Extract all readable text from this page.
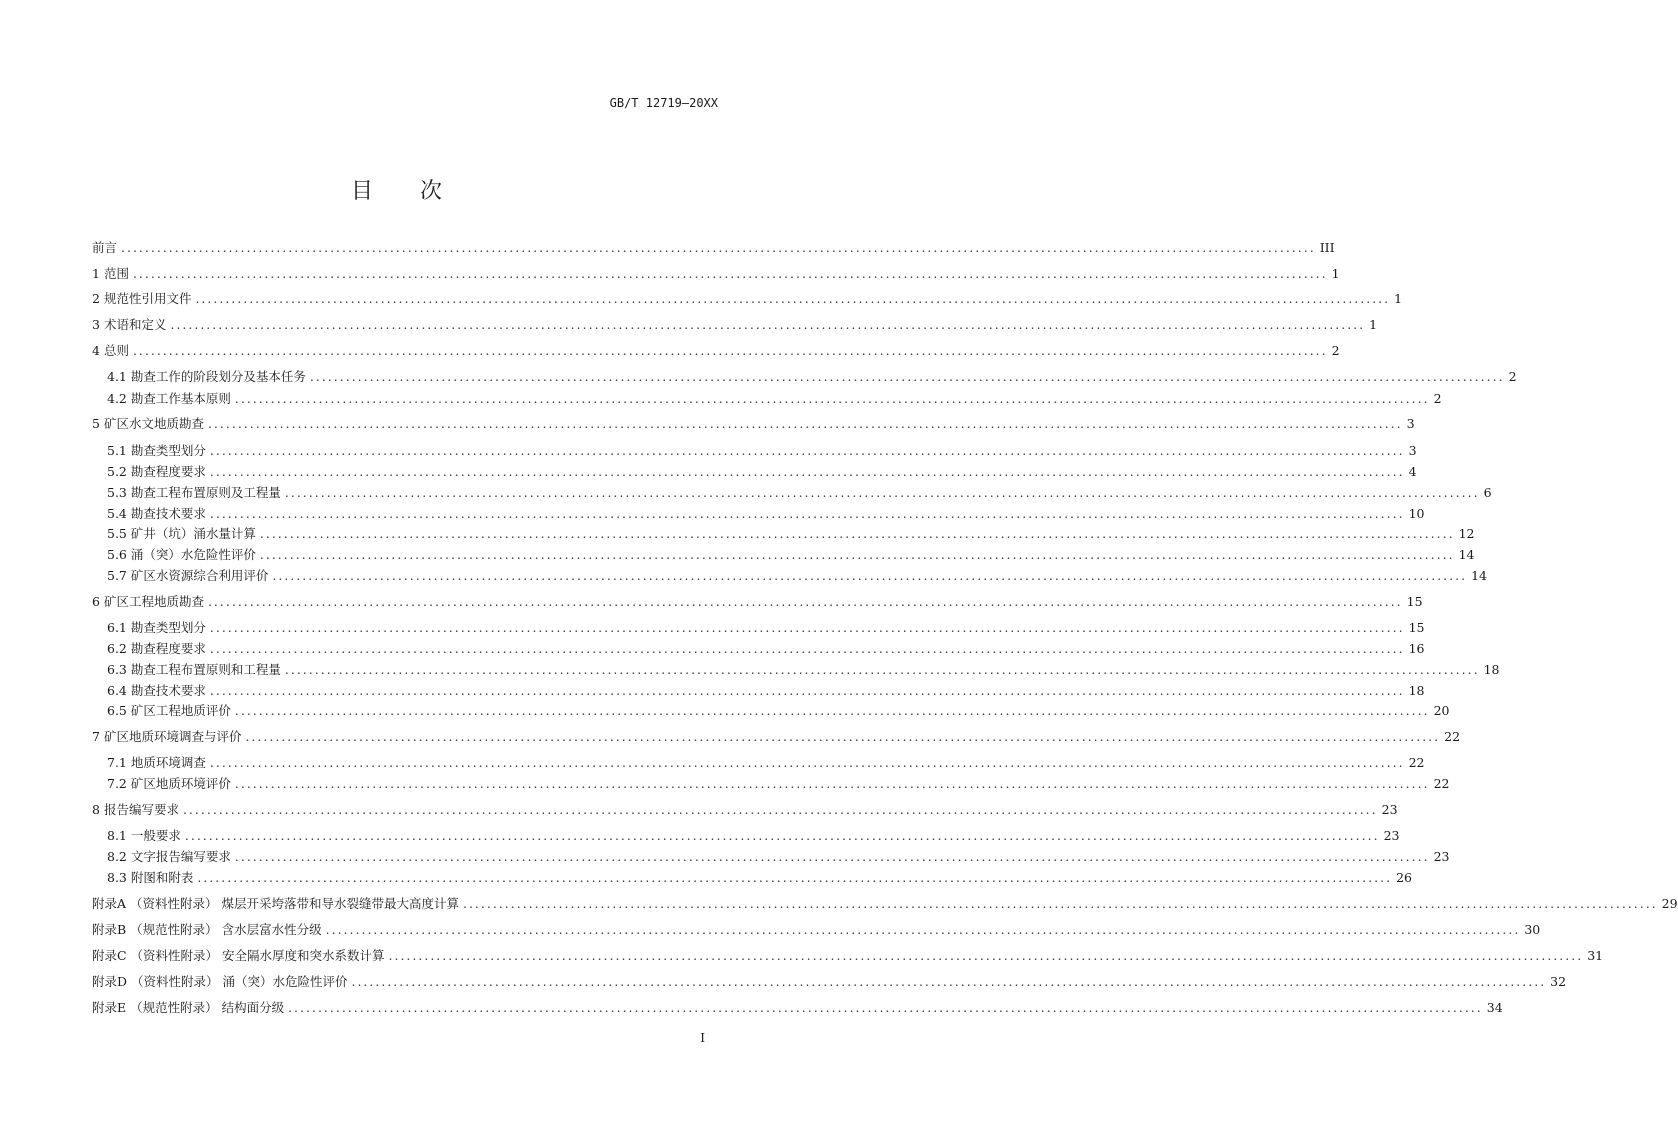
GB/T 12719—20XX
目 次
前言 ........................................................................................................................................................................................................ III
1 范围 ........................................................................................................................................................................................................ 1
2 规范性引用文件 ........................................................................................................................................................................................................ 1
3 术语和定义 ........................................................................................................................................................................................................ 1
4 总则 ........................................................................................................................................................................................................ 2
4.1 勘查工作的阶段划分及基本任务 ........................................................................................................................................................................................................ 2
4.2 勘查工作基本原则 ........................................................................................................................................................................................................ 2
5 矿区水文地质勘查 ........................................................................................................................................................................................................ 3
5.1 勘查类型划分 ........................................................................................................................................................................................................ 3
5.2 勘查程度要求 ........................................................................................................................................................................................................ 4
5.3 勘查工程布置原则及工程量 ........................................................................................................................................................................................................ 6
5.4 勘查技术要求 ........................................................................................................................................................................................................ 10
5.5 矿井（坑）涌水量计算 ........................................................................................................................................................................................................ 12
5.6 涌（突）水危险性评价 ........................................................................................................................................................................................................ 14
5.7 矿区水资源综合利用评价 ........................................................................................................................................................................................................ 14
6 矿区工程地质勘查 ........................................................................................................................................................................................................ 15
6.1 勘查类型划分 ........................................................................................................................................................................................................ 15
6.2 勘查程度要求 ........................................................................................................................................................................................................ 16
6.3 勘查工程布置原则和工程量 ........................................................................................................................................................................................................ 18
6.4 勘查技术要求 ........................................................................................................................................................................................................ 18
6.5 矿区工程地质评价 ........................................................................................................................................................................................................ 20
7 矿区地质环境调查与评价 ........................................................................................................................................................................................................ 22
7.1 地质环境调查 ........................................................................................................................................................................................................ 22
7.2 矿区地质环境评价 ........................................................................................................................................................................................................ 22
8 报告编写要求 ........................................................................................................................................................................................................ 23
8.1 一般要求 ........................................................................................................................................................................................................ 23
8.2 文字报告编写要求 ........................................................................................................................................................................................................ 23
8.3 附图和附表 ........................................................................................................................................................................................................ 26
附录A （资料性附录） 煤层开采垮落带和导水裂缝带最大高度计算 ........................................................................................................................................................................................................ 29
附录B （规范性附录） 含水层富水性分级 ........................................................................................................................................................................................................ 30
附录C （资料性附录） 安全隔水厚度和突水系数计算 ........................................................................................................................................................................................................ 31
附录D （资料性附录） 涌（突）水危险性评价 ........................................................................................................................................................................................................ 32
附录E （规范性附录） 结构面分级 ........................................................................................................................................................................................................ 34
I
